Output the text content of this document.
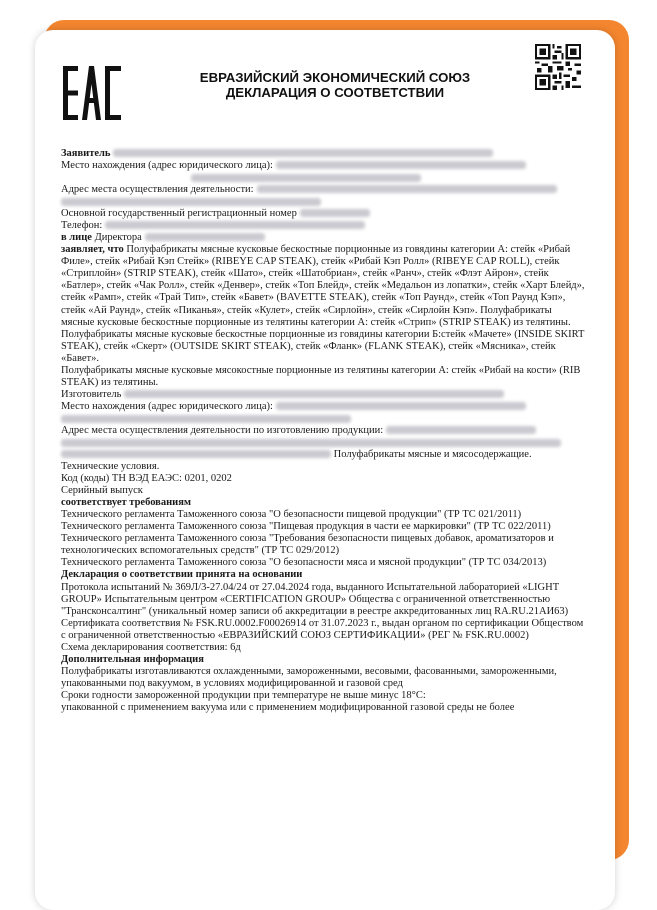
ЕВРАЗИЙСКИЙ ЭКОНОМИЧЕСКИЙ СОЮЗ
ДЕКЛАРАЦИЯ О СООТВЕТСТВИИ

Заявитель

Место нахождения (адрес юридического лица):

Адрес места осуществления деятельности:

Основной государственный регистрационный номер

Телефон:

в лице Директора

заявляет, что Полуфабрикаты мясные кусковые бескостные порционные из говядины категории А: стейк «Рибай Филе», стейк «Рибай Кэп Стейк» (RIBEYE CAP STEAK), стейк «Рибай Кэп Ролл» (RIBEYE CAP ROLL), стейк «Стриплойн» (STRIP STEAK), стейк «Шато», стейк «Шатобриан», стейк «Ранч», стейк «Флэт Айрон», стейк «Батлер», стейк «Чак Ролл», стейк «Денвер», стейк «Топ Блейд», стейк «Медальон из лопатки», стейк «Харт Блейд», стейк «Рамп», стейк «Трай Тип», стейк «Бавет» (BAVETTE STEAK), стейк «Топ Раунд», стейк «Топ Раунд Кэп», стейк «Ай Раунд», стейк «Пиканья», стейк «Кулет», стейк «Сирлойн», стейк «Сирлойн Кэп». Полуфабрикаты мясные кусковые бескостные порционные из телятины категории А: стейк «Стрип» (STRIP STEAK) из телятины.

Полуфабрикаты мясные кусковые бескостные порционные из говядины категории Б:стейк «Мачете» (INSIDE SKIRT STEAK), стейк «Скерт» (OUTSIDE SKIRT STEAK), стейк «Фланк» (FLANK STEAK), стейк «Мясника», стейк «Бавет».

Полуфабрикаты мясные кусковые мясокостные порционные из телятины категории А: стейк «Рибай на кости» (RIB STEAK) из телятины.

Изготовитель

Место нахождения (адрес юридического лица):

Адрес места осуществления деятельности по изготовлению продукции:

Полуфабрикаты мясные и мясосодержащие.

Технические условия.

Код (коды) ТН ВЭД ЕАЭС: 0201, 0202

Серийный выпуск

соответствует требованиям

Технического регламента Таможенного союза "О безопасности пищевой продукции" (ТР ТС 021/2011)

Технического регламента Таможенного союза "Пищевая продукция в части ее маркировки" (ТР ТС 022/2011)

Технического регламента Таможенного союза "Требования безопасности пищевых добавок, ароматизаторов и технологических вспомогательных средств" (ТР ТС 029/2012)

Технического регламента Таможенного союза "О безопасности мяса и мясной продукции" (ТР ТС 034/2013)

Декларация о соответствии принята на основании

Протокола испытаний № 369Л/3-27.04/24 от 27.04.2024 года, выданного Испытательной лабораторией «LIGHT GROUP» Испытательным центром «CERTIFICATION GROUP» Общества с ограниченной ответственностью "Трансконсалтинг" (уникальный номер записи об аккредитации в реестре аккредитованных лиц RA.RU.21АИ63)

Сертификата соответствия № FSK.RU.0002.F00026914 от 31.07.2023 г., выдан органом по сертификации Обществом с ограниченной ответственностью «ЕВРАЗИЙСКИЙ СОЮЗ СЕРТИФИКАЦИИ» (РЕГ № FSK.RU.0002)

Схема декларирования соответствия: 6д

Дополнительная информация

Полуфабрикаты изготавливаются охлажденными, замороженными, весовыми, фасованными, замороженными, упакованными под вакуумом, в условиях модифицированной и газовой сред

Сроки годности замороженной продукции при температуре не выше минус 18°С:

упакованной с применением вакуума или с применением модифицированной газовой среды не более
